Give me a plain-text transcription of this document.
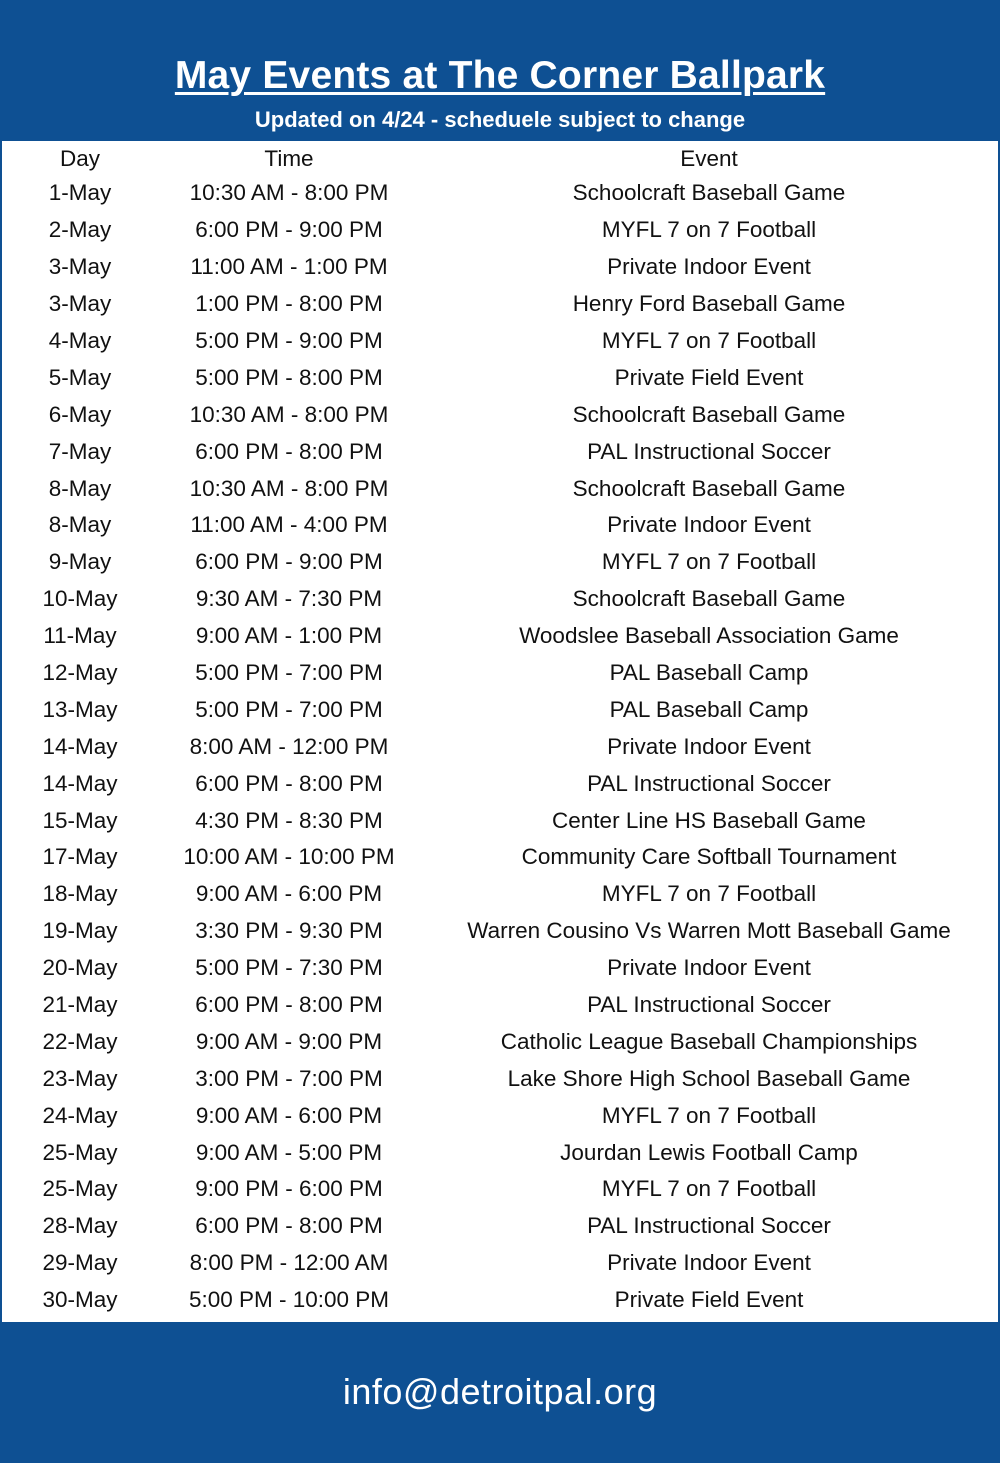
May Events at The Corner Ballpark
Updated on 4/24 - scheduele subject to change
Day	Time	Event
1-May	10:30 AM - 8:00 PM	Schoolcraft Baseball Game
2-May	6:00 PM - 9:00 PM	MYFL 7 on 7 Football
3-May	11:00 AM - 1:00 PM	Private Indoor Event
3-May	1:00 PM - 8:00 PM	Henry Ford Baseball Game
4-May	5:00 PM - 9:00 PM	MYFL 7 on 7 Football
5-May	5:00 PM - 8:00 PM	Private Field Event
6-May	10:30 AM - 8:00 PM	Schoolcraft Baseball Game
7-May	6:00 PM - 8:00 PM	PAL Instructional Soccer
8-May	10:30 AM - 8:00 PM	Schoolcraft Baseball Game
8-May	11:00 AM - 4:00 PM	Private Indoor Event
9-May	6:00 PM - 9:00 PM	MYFL 7 on 7 Football
10-May	9:30 AM - 7:30 PM	Schoolcraft Baseball Game
11-May	9:00 AM - 1:00 PM	Woodslee Baseball Association Game
12-May	5:00 PM - 7:00 PM	PAL Baseball Camp
13-May	5:00 PM - 7:00 PM	PAL Baseball Camp
14-May	8:00 AM - 12:00 PM	Private Indoor Event
14-May	6:00 PM - 8:00 PM	PAL Instructional Soccer
15-May	4:30 PM - 8:30 PM	Center Line HS Baseball Game
17-May	10:00 AM - 10:00 PM	Community Care Softball Tournament
18-May	9:00 AM - 6:00 PM	MYFL 7 on 7 Football
19-May	3:30 PM - 9:30 PM	Warren Cousino Vs Warren Mott Baseball Game
20-May	5:00 PM - 7:30 PM	Private Indoor Event
21-May	6:00 PM - 8:00 PM	PAL Instructional Soccer
22-May	9:00 AM - 9:00 PM	Catholic League Baseball Championships
23-May	3:00 PM - 7:00 PM	Lake Shore High School Baseball Game
24-May	9:00 AM - 6:00 PM	MYFL 7 on 7 Football
25-May	9:00 AM - 5:00 PM	Jourdan Lewis Football Camp
25-May	9:00 PM - 6:00 PM	MYFL 7 on 7 Football
28-May	6:00 PM - 8:00 PM	PAL Instructional Soccer
29-May	8:00 PM - 12:00 AM	Private Indoor Event
30-May	5:00 PM - 10:00 PM	Private Field Event
info@detroitpal.org
